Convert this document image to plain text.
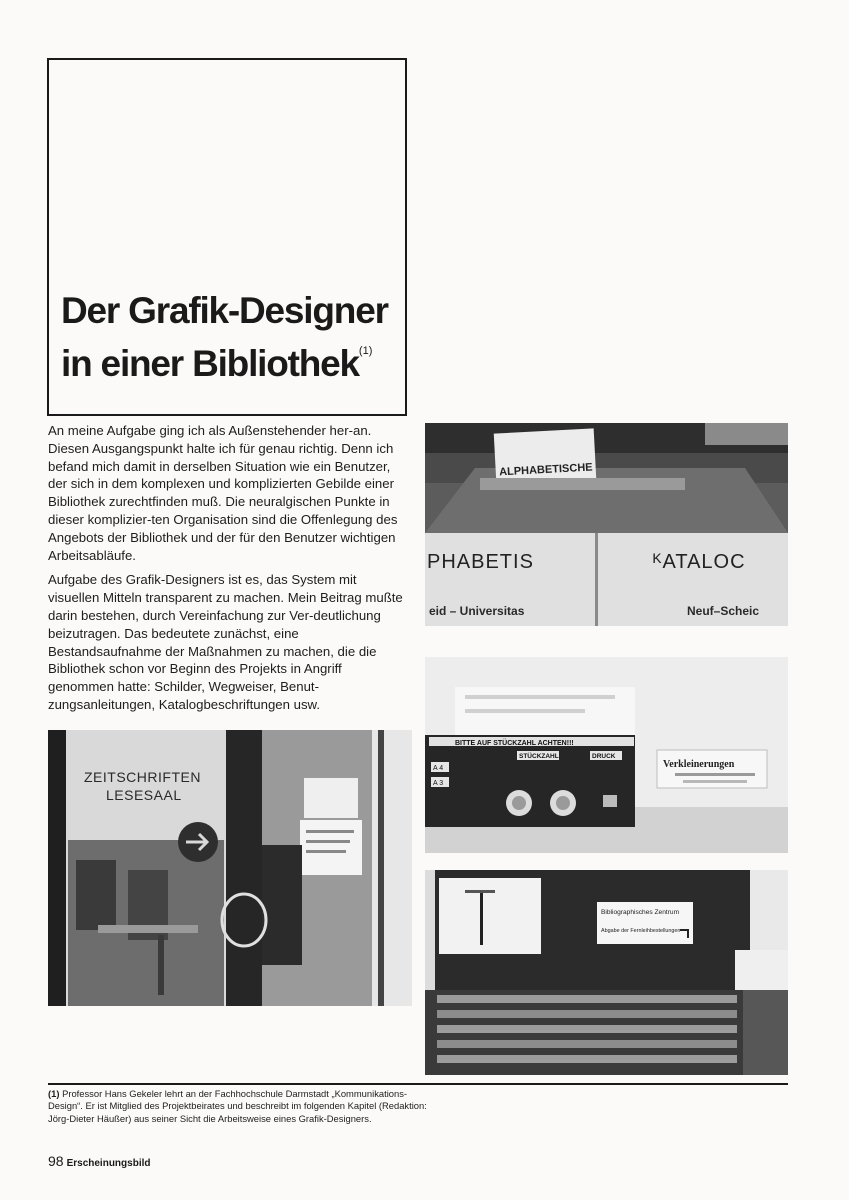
Der Grafik-Designer
in einer Bibliothek$^{(1)}$

An meine Aufgabe ging ich als Außenstehender her-an. Diesen Ausgangspunkt halte ich für genau richtig. Denn ich befand mich damit in derselben Situation wie ein Benutzer, der sich in dem komplexen und komplizierten Gebilde einer Bibliothek zurechtfinden muß. Die neuralgischen Punkte in dieser komplizier-ten Organisation sind die Offenlegung des Angebots der Bibliothek und der für den Benutzer wichtigen Arbeitsabläufe.

Aufgabe des Grafik-Designers ist es, das System mit visuellen Mitteln transparent zu machen. Mein Beitrag mußte darin bestehen, durch Vereinfachung zur Ver-deutlichung beizutragen. Das bedeutete zunächst, eine Bestandsaufnahme der Maßnahmen zu machen, die die Bibliothek schon vor Beginn des Projekts in Angriff genommen hatte: Schilder, Wegweiser, Benut-zungsanleitungen, Katalogbeschriftungen usw.

ALPHABETISCHE
PHABETIS	ᴷATALOC
eid – Universitas	Neuf–Scheic
BITTE AUF STÜCKZAHL ACHTEN!!!
STÜCKZAHL	DRUCK
A 4
A 3
Verkleinerungen
Bibliographisches Zentrum
Abgabe der Fernleihbestellungen
ZEITSCHRIFTEN
LESESAAL

(1) Professor Hans Gekeler lehrt an der Fachhochschule Darmstadt „Kommunikations-Design“. Er ist Mitglied des Projektbeirates und beschreibt im folgenden Kapitel (Redaktion: Jörg-Dieter Häußer) aus seiner Sicht die Arbeitsweise eines Grafik-Designers.

98 Erscheinungsbild
